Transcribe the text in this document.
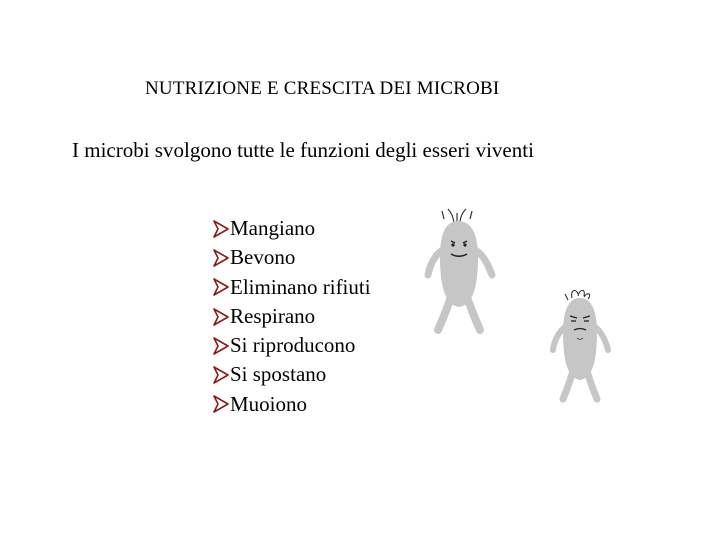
NUTRIZIONE E CRESCITA DEI MICROBI
I microbi svolgono tutte le funzioni degli esseri viventi
Mangiano
Bevono
Eliminano rifiuti
Respirano
Si riproducono
Si spostano
Muoiono
